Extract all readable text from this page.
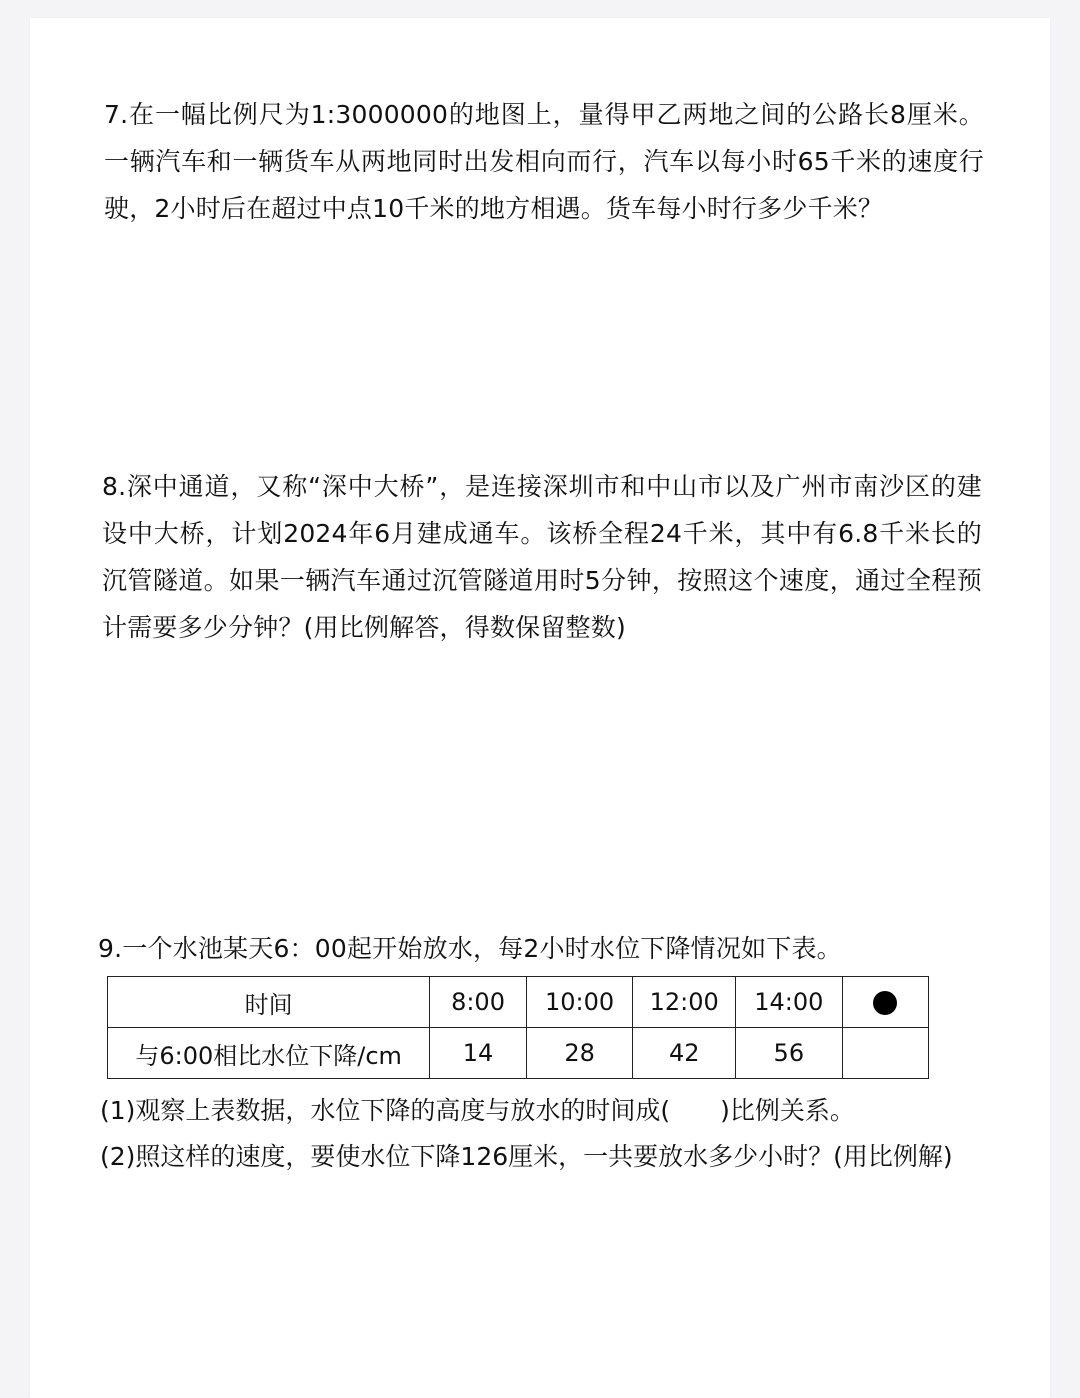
7.在一幅比例尺为1:3000000的地图上，量得甲乙两地之间的公路长8厘米。一辆汽车和一辆货车从两地同时出发相向而行，汽车以每小时65千米的速度行驶，2小时后在超过中点10千米的地方相遇。货车每小时行多少千米？

8.深中通道，又称“深中大桥”，是连接深圳市和中山市以及广州市南沙区的建设中大桥，计划2024年6月建成通车。该桥全程24千米，其中有6.8千米长的沉管隧道。如果一辆汽车通过沉管隧道用时5分钟，按照这个速度，通过全程预计需要多少分钟？(用比例解答，得数保留整数)

9.一个水池某天6：00起开始放水，每2小时水位下降情况如下表。

时间	8:00	10:00	12:00	14:00	
与6:00相比水位下降/cm	14	28	42	56	

(1)观察上表数据，水位下降的高度与放水的时间成(　　)比例关系。

(2)照这样的速度，要使水位下降126厘米，一共要放水多少小时？(用比例解)
